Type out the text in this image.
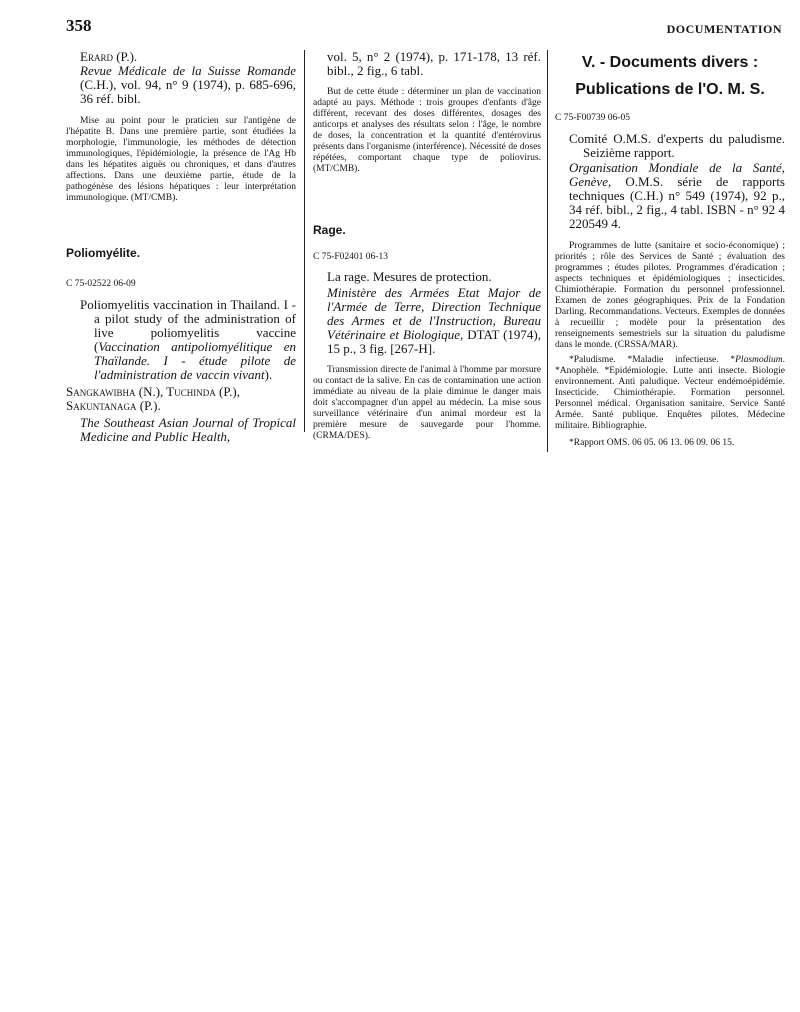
358	DOCUMENTATION

Erard (P.).

Revue Médicale de la Suisse Romande (C.H.), vol. 94, n° 9 (1974), p. 685-696, 36 réf. bibl.

Mise au point pour le praticien sur l'antigène de l'hépatite B. Dans une première partie, sont étudiées la morphologie, l'immunologie, les méthodes de détection immunologiques, l'épidémiologie, la présence de l'Ag Hb dans les hépatites aiguës ou chroniques, et dans d'autres affections. Dans une deuxième partie, étude de la pathogénèse des lésions hépatiques : leur interprétation immunologique. (MT/CMB).
Poliomyélite.
C 75-02522 06-09

Poliomyelitis vaccination in Thailand. I - a pilot study of the administration of live poliomyelitis vaccine (Vaccination antipoliomyélitique en Thaïlande. I - étude pilote de l'administration de vaccin vivant).

Sangkawibha (N.), Tuchinda (P.), Sakuntanaga (P.).

The Southeast Asian Journal of Tropical Medicine and Public Health,

vol. 5, n° 2 (1974), p. 171-178, 13 réf. bibl., 2 fig., 6 tabl.

But de cette étude : déterminer un plan de vaccination adapté au pays. Méthode : trois groupes d'enfants d'âge différent, recevant des doses différentes, dosages des anticorps et analyses des résultats selon : l'âge, le nombre de doses, la concentration et la quantité d'entérovirus présents dans l'organisme (interférence). Nécessité de doses répétées, comportant chaque type de poliovirus. (MT/CMB).
Rage.
C 75-F02401 06-13

La rage. Mesures de protection.

Ministère des Armées Etat Major de l'Armée de Terre, Direction Technique des Armes et de l'Instruction, Bureau Vétérinaire et Biologique, DTAT (1974), 15 p., 3 fig. [267-H].

Transmission directe de l'animal à l'homme par morsure ou contact de la salive. En cas de contamination une action immédiate au niveau de la plaie diminue le danger mais doit s'accompagner d'un appel au médecin. La mise sous surveillance vétérinaire d'un animal mordeur est la première mesure de sauvegarde pour l'homme. (CRMA/DES).

V. - Documents divers :

Publications de l'O. M. S.

C 75-F00739 06-05

Comité O.M.S. d'experts du paludisme. Seizième rapport.

Organisation Mondiale de la Santé, Genève, O.M.S. série de rapports techniques (C.H.) n° 549 (1974), 92 p., 34 réf. bibl., 2 fig., 4 tabl. ISBN - n° 92 4 220549 4.

Programmes de lutte (sanitaire et socio-économique) ; priorités ; rôle des Services de Santé ; évaluation des programmes ; études pilotes. Programmes d'éradication ; aspects techniques et épidémiologiques ; insecticides. Chimiothérapie. Formation du personnel professionnel. Examen de zones géographiques. Prix de la Fondation Darling. Recommandations. Vecteurs. Exemples de données à recueillir ; modèle pour la présentation des renseignements semestriels sur la situation du paludisme dans le monde. (CRSSA/MAR).
*Paludisme. *Maladie infectieuse. *Plasmodium. *Anophèle. *Epidémiologie. Lutte anti insecte. Biologie environnement. Anti paludique. Vecteur endémoépidémie. Insecticide. Chimiothérapie. Formation personnel. Personnel médical. Organisation sanitaire. Service Santé Armée. Santé publique. Enquêtes pilotes. Médecine militaire. Bibliographie.
*Rapport OMS. 06 05. 06 13. 06 09. 06 15.
